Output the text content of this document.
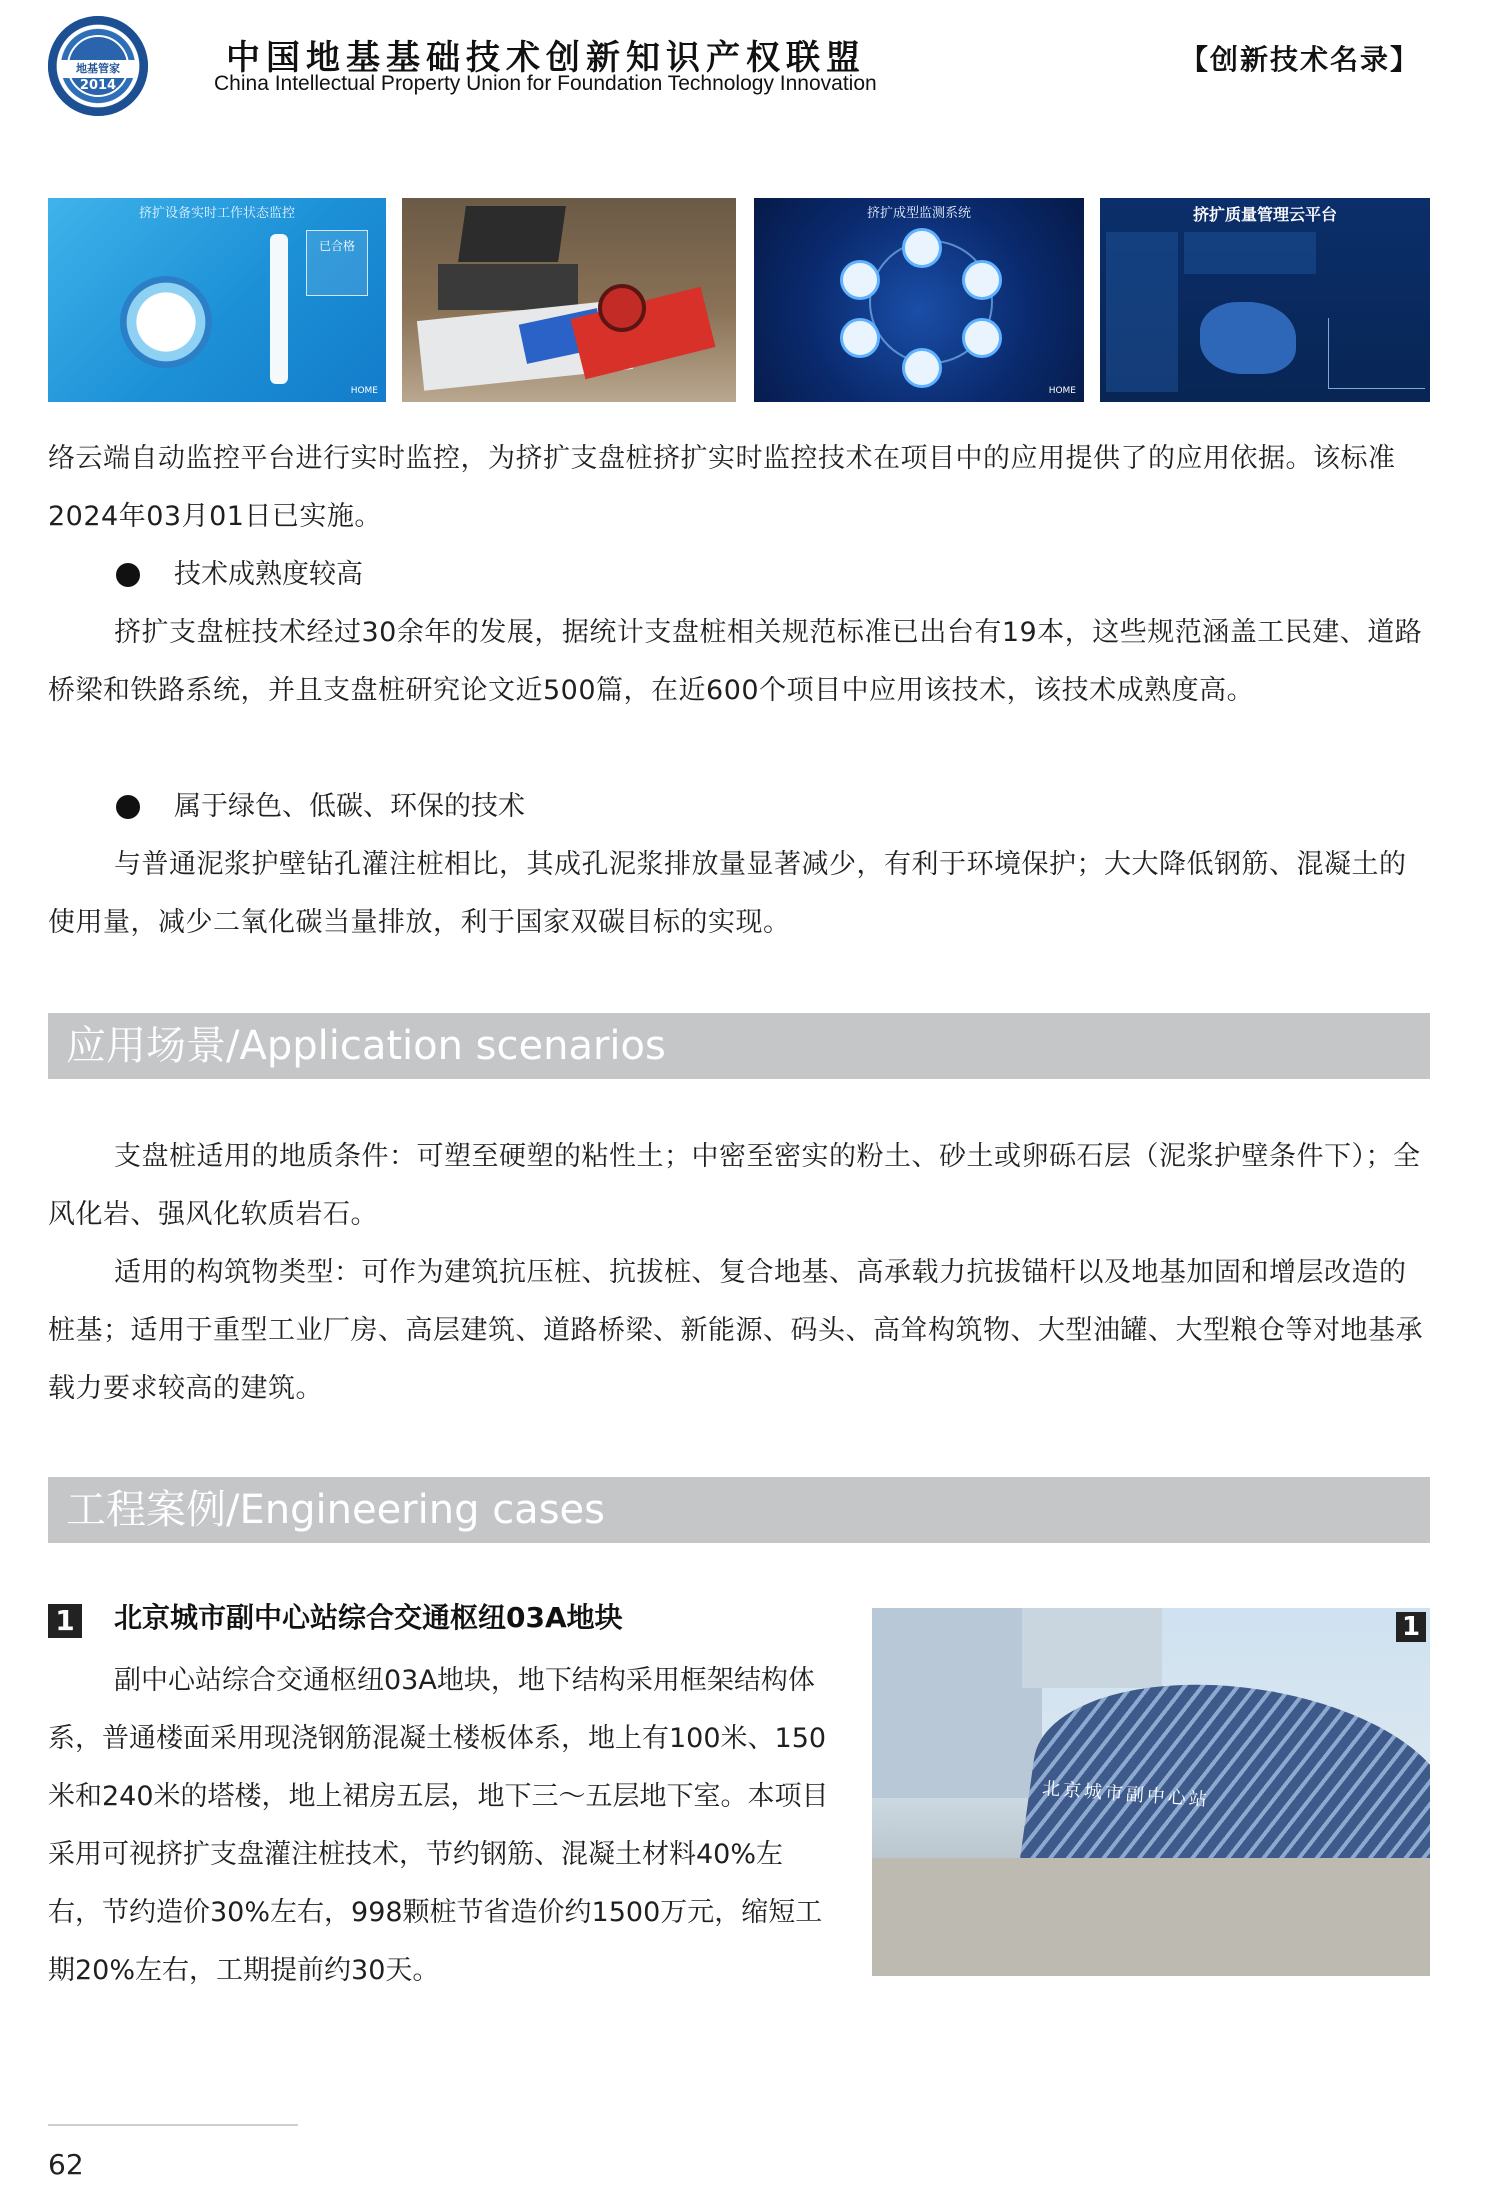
地基管家
2014
中国地基基础技术创新知识产权联盟
China Intellectual Property Union for Foundation Technology Innovation
【创新技术名录】
挤扩设备实时工作状态监控
已合格
HOME
挤扩成型监测系统
HOME
挤扩质量管理云平台

络云端自动监控平台进行实时监控，为挤扩支盘桩挤扩实时监控技术在项目中的应用提供了的应用依据。该标准2024年03月01日已实施。

技术成熟度较高

挤扩支盘桩技术经过30余年的发展，据统计支盘桩相关规范标准已出台有19本，这些规范涵盖工民建、道路桥梁和铁路系统，并且支盘桩研究论文近500篇，在近600个项目中应用该技术，该技术成熟度高。

属于绿色、低碳、环保的技术

与普通泥浆护壁钻孔灌注桩相比，其成孔泥浆排放量显著减少，有利于环境保护；大大降低钢筋、混凝土的使用量，减少二氧化碳当量排放，利于国家双碳目标的实现。

应用场景/Application scenarios

支盘桩适用的地质条件：可塑至硬塑的粘性土；中密至密实的粉土、砂土或卵砾石层（泥浆护壁条件下）；全风化岩、强风化软质岩石。

适用的构筑物类型：可作为建筑抗压桩、抗拔桩、复合地基、高承载力抗拔锚杆以及地基加固和增层改造的桩基；适用于重型工业厂房、高层建筑、道路桥梁、新能源、码头、高耸构筑物、大型油罐、大型粮仓等对地基承载力要求较高的建筑。

工程案例/Engineering cases
1 北京城市副中心站综合交通枢纽03A地块

副中心站综合交通枢纽03A地块，地下结构采用框架结构体系，普通楼面采用现浇钢筋混凝土楼板体系，地上有100米、150米和240米的塔楼，地上裙房五层，地下三～五层地下室。本项目采用可视挤扩支盘灌注桩技术，节约钢筋、混凝土材料40%左右，节约造价30%左右，998颗桩节省造价约1500万元，缩短工期20%左右，工期提前约30天。

北京城市副中心站
1
62
